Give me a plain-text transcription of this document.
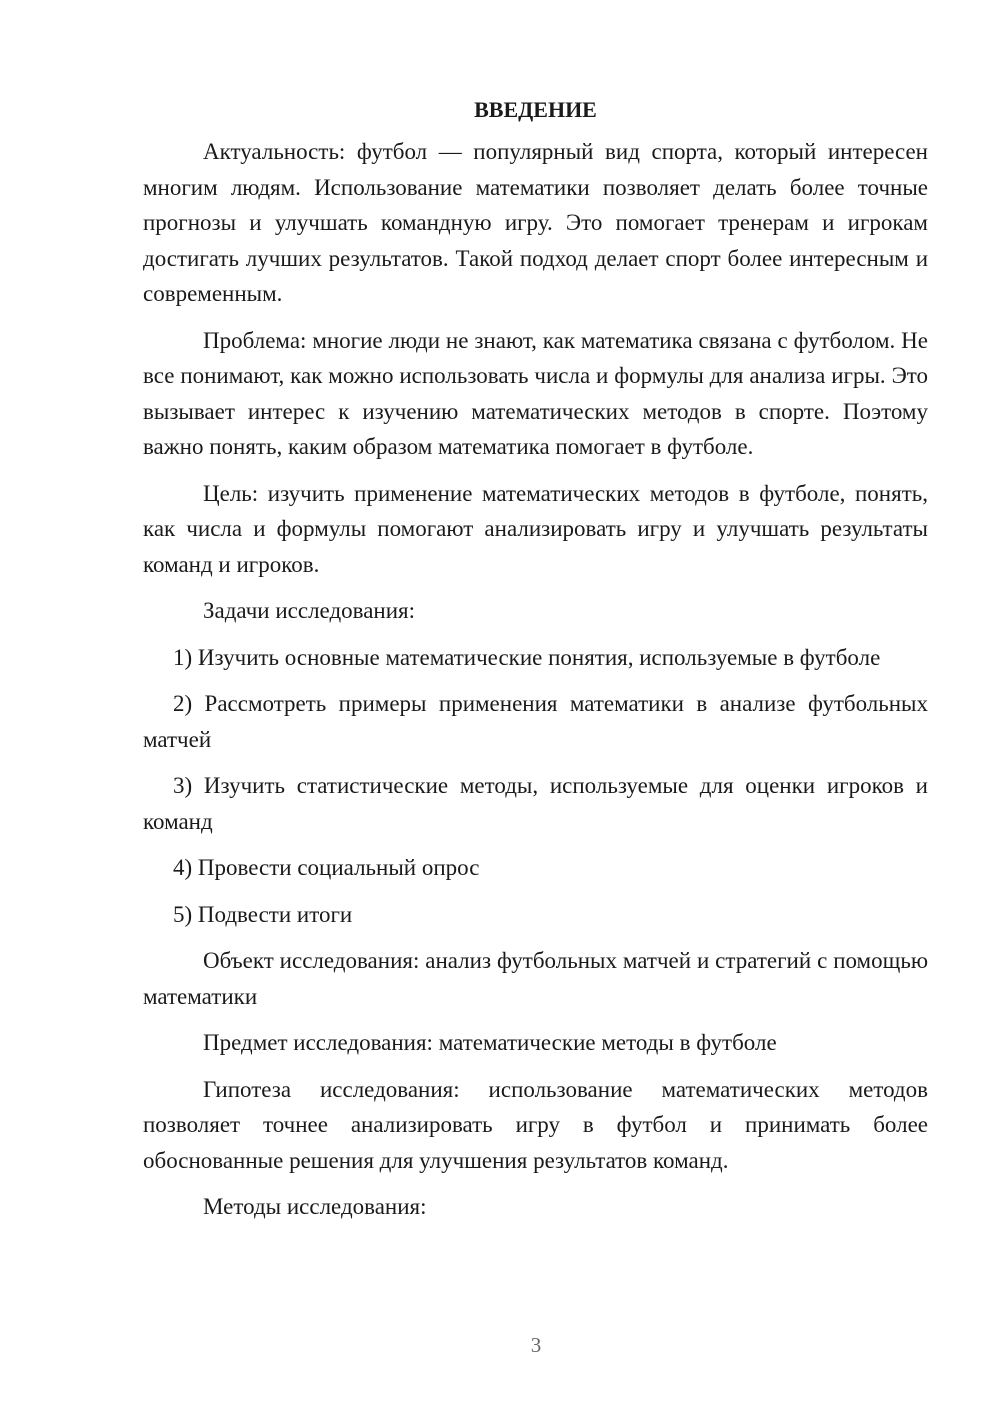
ВВЕДЕНИЕ

Актуальность: футбол — популярный вид спорта, который интересен многим людям. Использование математики позволяет делать более точные прогнозы и улучшать командную игру. Это помогает тренерам и игрокам достигать лучших результатов. Такой подход делает спорт более интересным и современным.

Проблема: многие люди не знают, как математика связана с футболом. Не все понимают, как можно использовать числа и формулы для анализа игры. Это вызывает интерес к изучению математических методов в спорте. Поэтому важно понять, каким образом математика помогает в футболе.

Цель: изучить применение математических методов в футболе, понять, как числа и формулы помогают анализировать игру и улучшать результаты команд и игроков.

Задачи исследования:

1) Изучить основные математические понятия, используемые в футболе

2) Рассмотреть примеры применения математики в анализе футбольных матчей

3) Изучить статистические методы, используемые для оценки игроков и команд

4) Провести социальный опрос

5) Подвести итоги

Объект исследования: анализ футбольных матчей и стратегий с помощью математики

Предмет исследования: математические методы в футболе

Гипотеза исследования: использование математических методов позволяет точнее анализировать игру в футбол и принимать более обоснованные решения для улучшения результатов команд.

Методы исследования:

3
